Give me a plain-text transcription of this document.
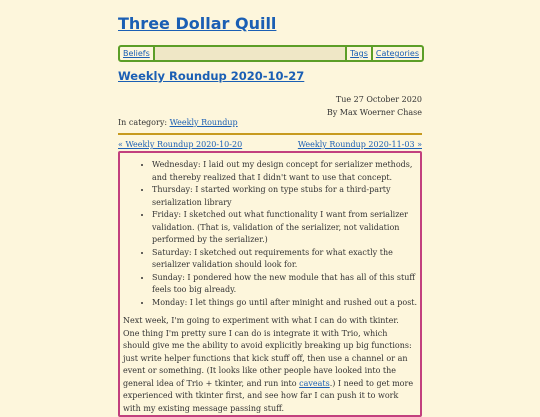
Three Dollar Quill
Beliefs	Tags	Categories
Weekly Roundup 2020-10-27
Tue 27 October 2020
By Max Woerner Chase
In category: Weekly Roundup
« Weekly Roundup 2020-10-20	Weekly Roundup 2020-11-03 »
• Wednesday: I laid out my design concept for serializer methods, and thereby realized that I didn't want to use that concept.
• Thursday: I started working on type stubs for a third-party serialization library
• Friday: I sketched out what functionality I want from serializer validation. (That is, validation of the serializer, not validation performed by the serializer.)
• Saturday: I sketched out requirements for what exactly the serializer validation should look for.
• Sunday: I pondered how the new module that has all of this stuff feels too big already.
• Monday: I let things go until after minight and rushed out a post.

Next week, I'm going to experiment with what I can do with tkinter. One thing I'm pretty sure I can do is integrate it with Trio, which should give me the ability to avoid explicitly breaking up big functions: just write helper functions that kick stuff off, then use a channel or an event or something. (It looks like other people have looked into the general idea of Trio + tkinter, and run into caveats.) I need to get more experienced with tkinter first, and see how far I can push it to work with my existing message passing stuff.
